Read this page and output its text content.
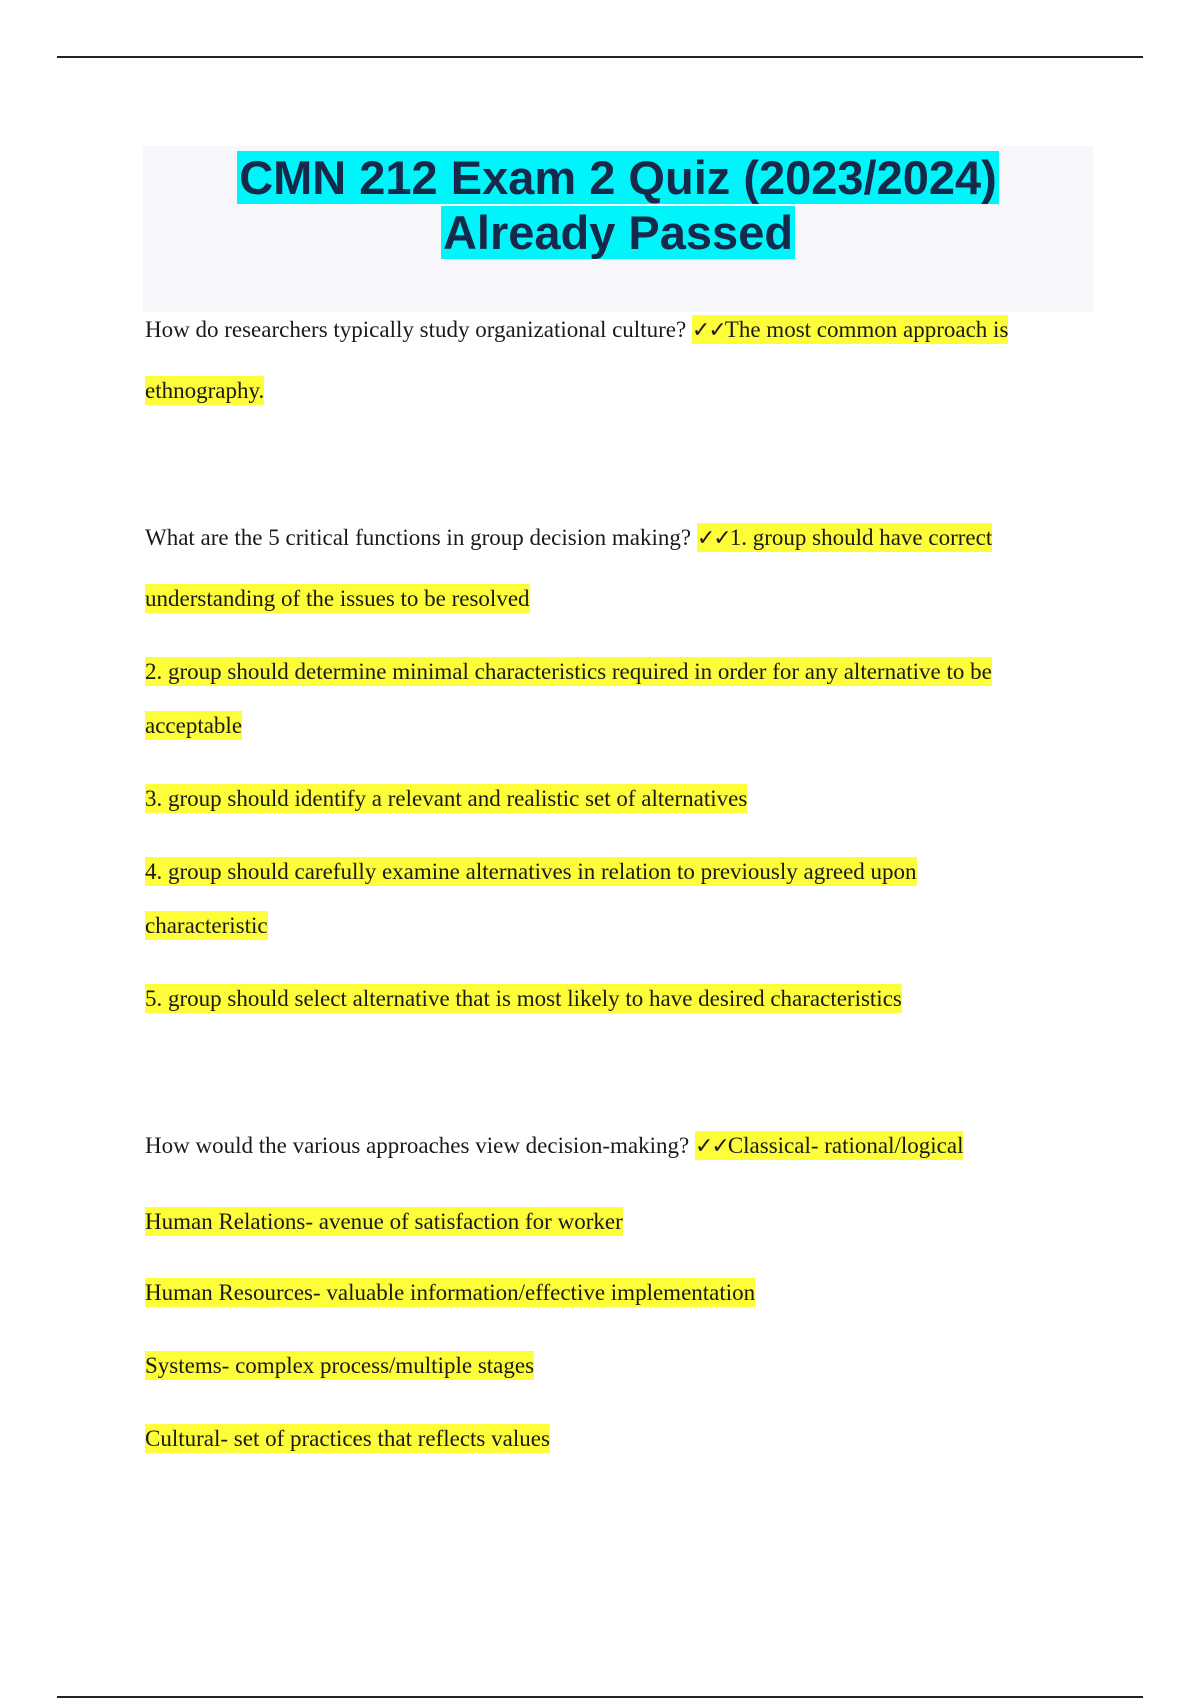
CMN 212 Exam 2 Quiz (2023/2024)
Already Passed
How do researchers typically study organizational culture? ✓✓The most common approach is
ethnography.
What are the 5 critical functions in group decision making? ✓✓1. group should have correct
understanding of the issues to be resolved
2. group should determine minimal characteristics required in order for any alternative to be
acceptable
3. group should identify a relevant and realistic set of alternatives
4. group should carefully examine alternatives in relation to previously agreed upon
characteristic
5. group should select alternative that is most likely to have desired characteristics
How would the various approaches view decision-making? ✓✓Classical- rational/logical
Human Relations- avenue of satisfaction for worker
Human Resources- valuable information/effective implementation
Systems- complex process/multiple stages
Cultural- set of practices that reflects values
